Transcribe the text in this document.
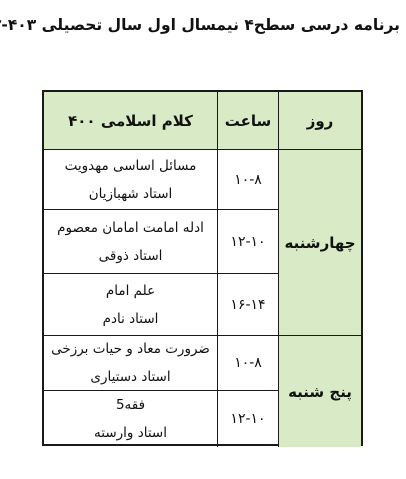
برنامه درسی سطح۴ نیمسال اول سال تحصیلی ۴۰۳-
کلام اسلامی ۴۰۰	ساعت	روز
مسائل اساسی مهدویت
استاد شهبازیان
۱۰-۸
ادله امامت امامان معصوم
استاد ذوقی
۱۲-۱۰
علم امام
استاد نادم
۱۶-۱۴
چهارشنبه
ضرورت معاد و حیات برزخی
استاد دستیاری
۱۰-۸
فقه5
استاد وارسته
۱۲-۱۰
پنج شنبه
